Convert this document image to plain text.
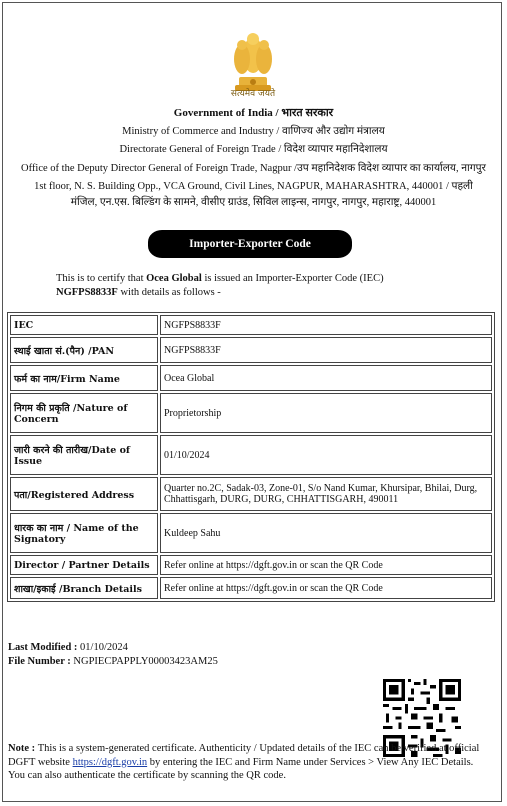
सत्यमेव जयते
Government of India / भारत सरकार
Ministry of Commerce and Industry / वाणिज्य और उद्योग मंत्रालय
Directorate General of Foreign Trade / विदेश व्यापार महानिदेशालय
Office of the Deputy Director General of Foreign Trade, Nagpur /उप महानिदेशक विदेश व्यापार का कार्यालय, नागपुर
1st floor, N. S. Building Opp., VCA Ground, Civil Lines, NAGPUR, MAHARASHTRA, 440001 / पहली
मंजिल, एन.एस. बिल्डिंग के सामने, वीसीए ग्राउंड, सिविल लाइन्स, नागपुर, नागपुर, महाराष्ट्र, 440001
Importer-Exporter Code
This is to certify that Ocea Global is issued an Importer-Exporter Code (IEC)
NGFPS8833F with details as follows -
IEC	NGFPS8833F
स्थाई खाता सं.(पैन) /PAN	NGFPS8833F
फर्म का नाम/Firm Name	Ocea Global
निगम की प्रकृति /Nature of Concern	Proprietorship
जारी करने की तारीख/Date of Issue	01/10/2024
पता/Registered Address	Quarter no.2C, Sadak-03, Zone-01, S/o Nand Kumar, Khursipar, Bhilai, Durg, Chhattisgarh, DURG, DURG, CHHATTISGARH, 490011
धारक का नाम / Name of the Signatory	Kuldeep Sahu
Director / Partner Details	Refer online at https://dgft.gov.in or scan the QR Code
शाखा/इकाई /Branch Details	Refer online at https://dgft.gov.in or scan the QR Code
Last Modified : 01/10/2024
File Number : NGPIECPAPPLY00003423AM25
Note : This is a system-generated certificate. Authenticity / Updated details of the IEC can be verified at official DGFT website https://dgft.gov.in by entering the IEC and Firm Name under Services > View Any IEC Details. You can also authenticate the certificate by scanning the QR code.
